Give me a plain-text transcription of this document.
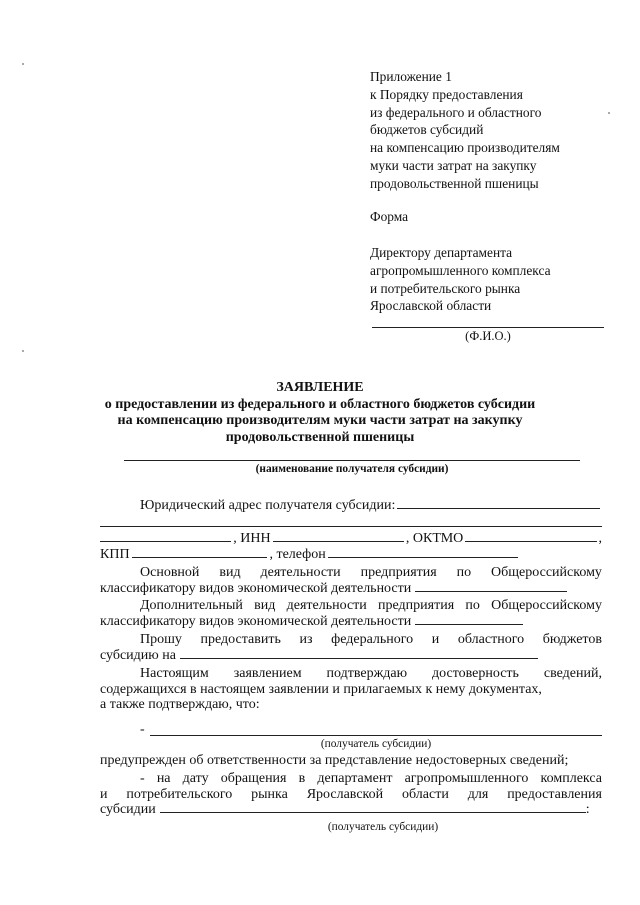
Приложение 1
к Порядку предоставления
из федерального и областного
бюджетов субсидий
на компенсацию производителям
муки части затрат на закупку
продовольственной пшеницы
Форма
Директору департамента
агропромышленного комплекса
и потребительского рынка
Ярославской области
(Ф.И.О.)
ЗАЯВЛЕНИЕ
о предоставлении из федерального и областного бюджетов субсидии
на компенсацию производителям муки части затрат на закупку
продовольственной пшеницы
(наименование получателя субсидии)
Юридический адрес получателя субсидии:
, ИНН	, ОКТМО	,
КПП	, телефон
Основной вид деятельности предприятия по Общероссийскому
классификатору видов экономической деятельности
Дополнительный вид деятельности предприятия по Общероссийскому
классификатору видов экономической деятельности
Прошу предоставить из федерального и областного бюджетов
субсидию на
Настоящим заявлением подтверждаю достоверность сведений,
содержащихся в настоящем заявлении и прилагаемых к нему документах,
а также подтверждаю, что:
-
(получатель субсидии)
предупрежден об ответственности за представление недостоверных сведений;
- на дату обращения в департамент агропромышленного комплекса
и потребительского рынка Ярославской области для предоставления
субсидии	:
(получатель субсидии)
